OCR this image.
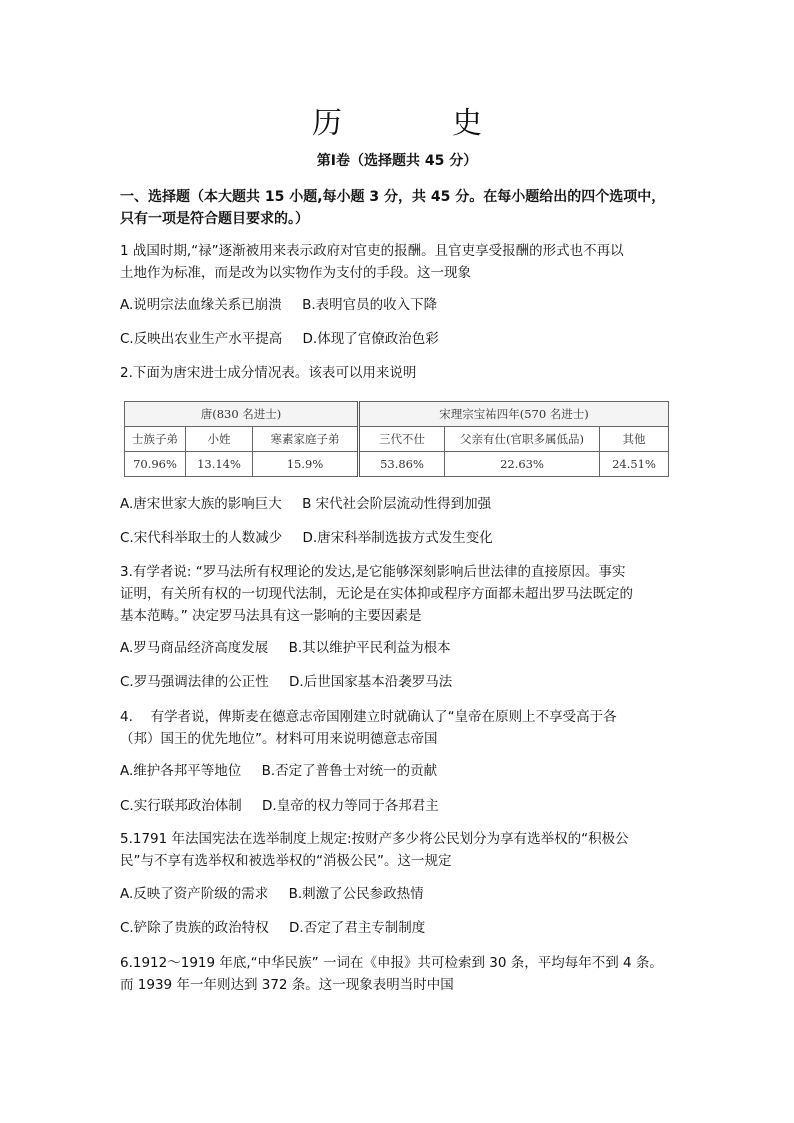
历　史
第Ⅰ卷（选择题共 45 分）
一、选择题（本大题共 15 小题,每小题 3 分，共 45 分。在每小题给出的四个选项中，
只有一项是符合题目要求的。）
1 战国时期,“禄”逐渐被用来表示政府对官吏的报酬。且官吏享受报酬的形式也不再以
土地作为标准，而是改为以实物作为支付的手段。这一现象
A.说明宗法血缘关系已崩溃 B.表明官员的收入下降
C.反映出农业生产水平提高 D.体现了官僚政治色彩
2.下面为唐宋进士成分情况表。该表可以用来说明
唐(830 名进士)			宋理宗宝祐四年(570 名进士)		
士族子弟	小姓	寒素家庭子弟	三代不仕	父亲有仕(官职多属低品)	其他
70.96%	13.14%	15.9%	53.86%	22.63%	24.51%
A.唐宋世家大族的影响巨大 B 宋代社会阶层流动性得到加强
C.宋代科举取士的人数减少 D.唐宋科举制选拔方式发生变化
3.有学者说: “罗马法所有权理论的发达,是它能够深刻影响后世法律的直接原因。事实
证明，有关所有权的一切现代法制，无论是在实体抑或程序方面都未超出罗马法既定的
基本范畴。” 决定罗马法具有这一影响的主要因素是
A.罗马商品经济高度发展 B.其以维护平民利益为根本
C.罗马强调法律的公正性 D.后世国家基本沿袭罗马法
4.　 有学者说，俾斯麦在德意志帝国刚建立时就确认了“皇帝在原则上不享受高于各
（邦）国王的优先地位”。材料可用来说明德意志帝国
A.维护各邦平等地位 B.否定了普鲁士对统一的贡献
C.实行联邦政治体制 D.皇帝的权力等同于各邦君主
5.1791 年法国宪法在选举制度上规定:按财产多少将公民划分为享有选举权的“积极公
民”与不享有选举权和被选举权的“消极公民”。这一规定
A.反映了资产阶级的需求 B.刺激了公民参政热情
C.铲除了贵族的政治特权 D.否定了君主专制制度
6.1912～1919 年底,“中华民族” 一词在《申报》共可检索到 30 条，平均每年不到 4 条。
而 1939 年一年则达到 372 条。这一现象表明当时中国
